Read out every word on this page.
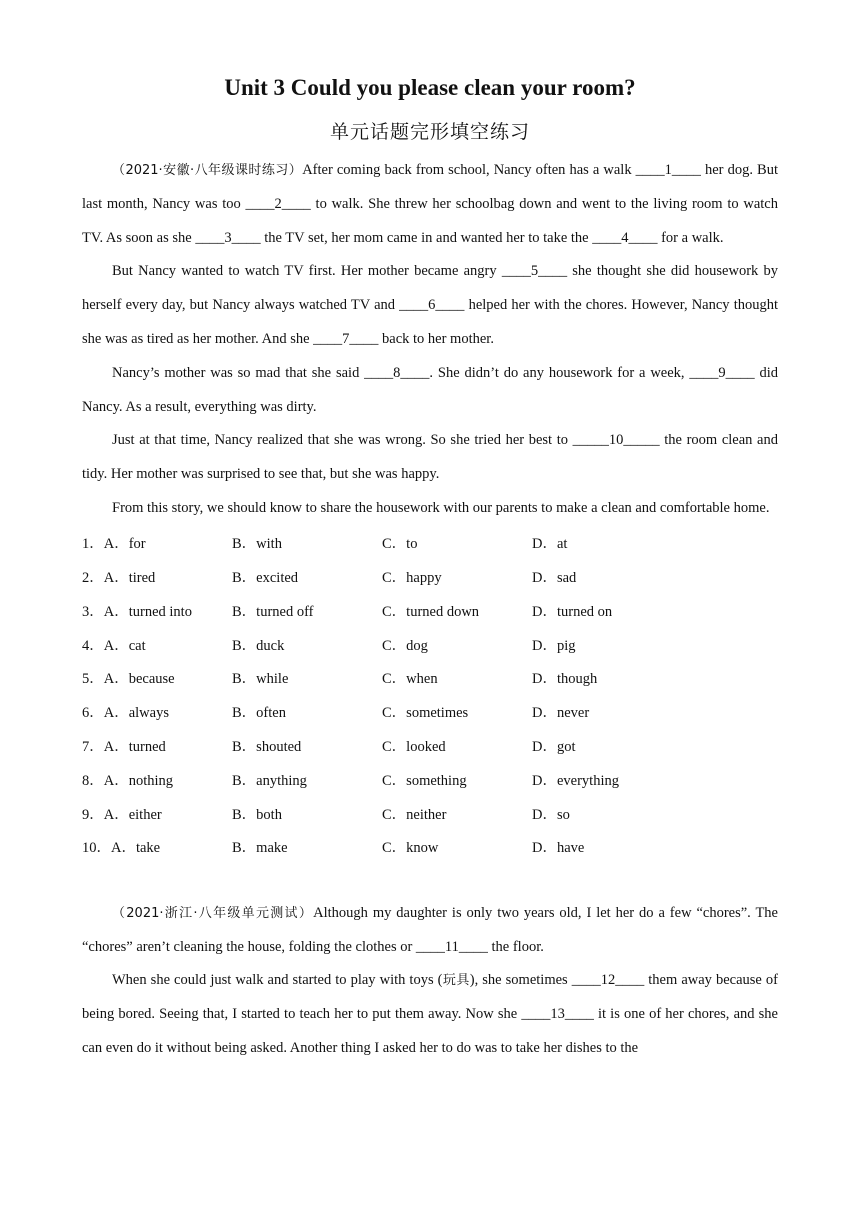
Unit 3 Could you please clean your room?
单元话题完形填空练习

（2021·安徽·八年级课时练习）After coming back from school, Nancy often has a walk ____1____ her dog. But last month, Nancy was too ____2____ to walk. She threw her schoolbag down and went to the living room to watch TV. As soon as she ____3____ the TV set, her mom came in and wanted her to take the ____4____ for a walk.

But Nancy wanted to watch TV first. Her mother became angry ____5____ she thought she did housework by herself every day, but Nancy always watched TV and ____6____ helped her with the chores. However, Nancy thought she was as tired as her mother. And she ____7____ back to her mother.

Nancy’s mother was so mad that she said ____8____. She didn’t do any housework for a week, ____9____ did Nancy. As a result, everything was dirty.

Just at that time, Nancy realized that she was wrong. So she tried her best to _____10_____ the room clean and tidy. Her mother was surprised to see that, but she was happy.

From this story, we should know to share the housework with our parents to make a clean and comfortable home.

1．A．for	B．with	C．to	D．at
2．A．tired	B．excited	C．happy	D．sad
3．A．turned into	B．turned off	C．turned down	D．turned on
4．A．cat	B．duck	C．dog	D．pig
5．A．because	B．while	C．when	D．though
6．A．always	B．often	C．sometimes	D．never
7．A．turned	B．shouted	C．looked	D．got
8．A．nothing	B．anything	C．something	D．everything
9．A．either	B．both	C．neither	D．so
10．A．take	B．make	C．know	D．have

（2021·浙江·八年级单元测试）Although my daughter is only two years old, I let her do a few “chores”. The “chores” aren’t cleaning the house, folding the clothes or ____11____ the floor.

When she could just walk and started to play with toys (玩具), she sometimes ____12____ them away because of being bored. Seeing that, I started to teach her to put them away. Now she ____13____ it is one of her chores, and she can even do it without being asked. Another thing I asked her to do was to take her dishes to the
